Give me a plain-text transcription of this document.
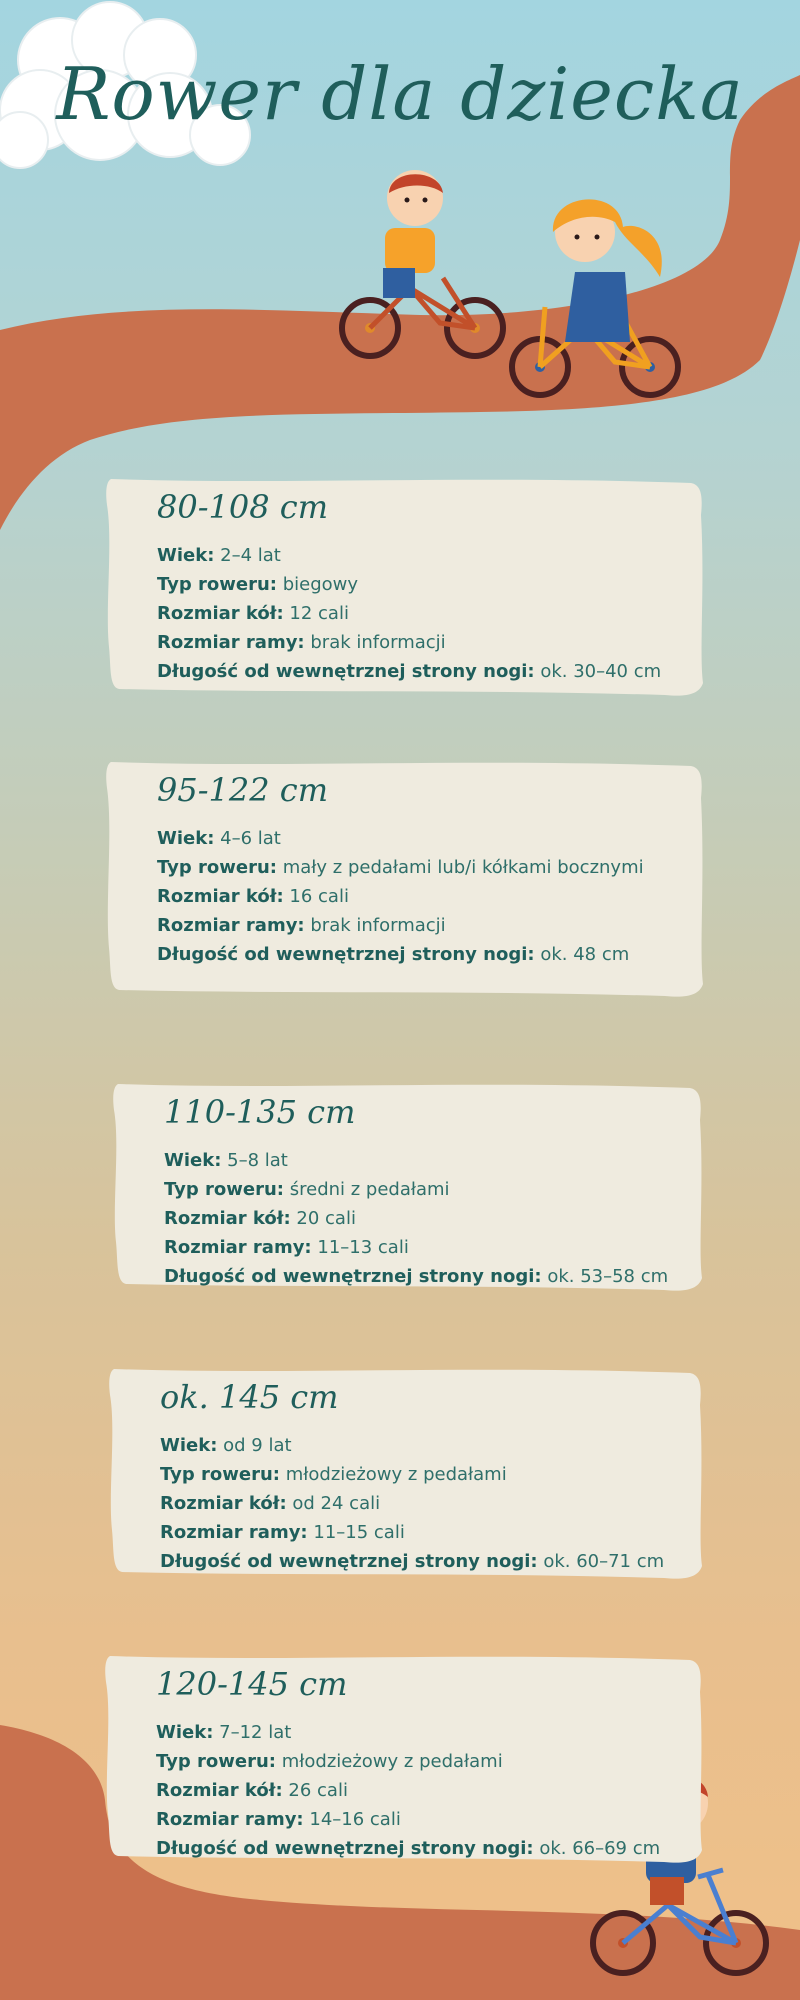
Rower dla dziecka
80-108 cm
Wiek: 2–4 lat
Typ roweru: biegowy
Rozmiar kół: 12 cali
Rozmiar ramy: brak informacji
Długość od wewnętrznej strony nogi: ok. 30–40 cm
95-122 cm
Wiek: 4–6 lat
Typ roweru: mały z pedałami lub/i kółkami bocznymi
Rozmiar kół: 16 cali
Rozmiar ramy: brak informacji
Długość od wewnętrznej strony nogi: ok. 48 cm
110-135 cm
Wiek: 5–8 lat
Typ roweru: średni z pedałami
Rozmiar kół: 20 cali
Rozmiar ramy: 11–13 cali
Długość od wewnętrznej strony nogi: ok. 53–58 cm
ok. 145 cm
Wiek: od 9 lat
Typ roweru: młodzieżowy z pedałami
Rozmiar kół: od 24 cali
Rozmiar ramy: 11–15 cali
Długość od wewnętrznej strony nogi: ok. 60–71 cm
120-145 cm
Wiek: 7–12 lat
Typ roweru: młodzieżowy z pedałami
Rozmiar kół: 26 cali
Rozmiar ramy: 14–16 cali
Długość od wewnętrznej strony nogi: ok. 66–69 cm
